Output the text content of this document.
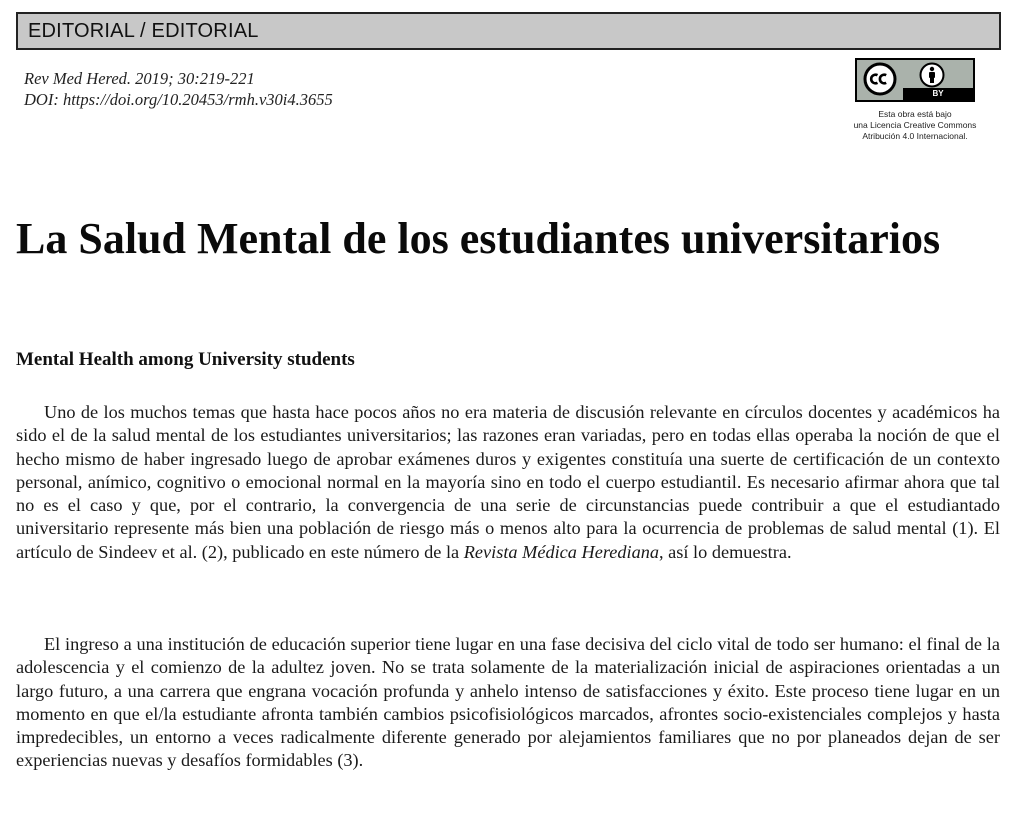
EDITORIAL / EDITORIAL
Rev Med Hered. 2019; 30:219-221
DOI: https://doi.org/10.20453/rmh.v30i4.3655	BY
Esta obra está bajo
una Licencia Creative Commons
Atribución 4.0 Internacional.
La Salud Mental de los estudiantes universitarios
Mental Health among University students

Uno de los muchos temas que hasta hace pocos años no era materia de discusión relevante en círculos docentes y académicos ha sido el de la salud mental de los estudiantes universitarios; las razones eran variadas, pero en todas ellas operaba la noción de que el hecho mismo de haber ingresado luego de aprobar exámenes duros y exigentes constituía una suerte de certificación de un contexto personal, anímico, cognitivo o emocional normal en la mayoría sino en todo el cuerpo estudiantil. Es necesario afirmar ahora que tal no es el caso y que, por el contrario, la convergencia de una serie de circunstancias puede contribuir a que el estudiantado universitario represente más bien una población de riesgo más o menos alto para la ocurrencia de problemas de salud mental (1). El artículo de Sindeev et al. (2), publicado en este número de la Revista Médica Herediana, así lo demuestra.

El ingreso a una institución de educación superior tiene lugar en una fase decisiva del ciclo vital de todo ser humano: el final de la adolescencia y el comienzo de la adultez joven. No se trata solamente de la materialización inicial de aspiraciones orientadas a un largo futuro, a una carrera que engrana vocación profunda y anhelo intenso de satisfacciones y éxito. Este proceso tiene lugar en un momento en que el/la estudiante afronta también cambios psicofisiológicos marcados, afrontes socio-existenciales complejos y hasta impredecibles, un entorno a veces radicalmente diferente generado por alejamientos familiares que no por planeados dejan de ser experiencias nuevas y desafíos formidables (3).
